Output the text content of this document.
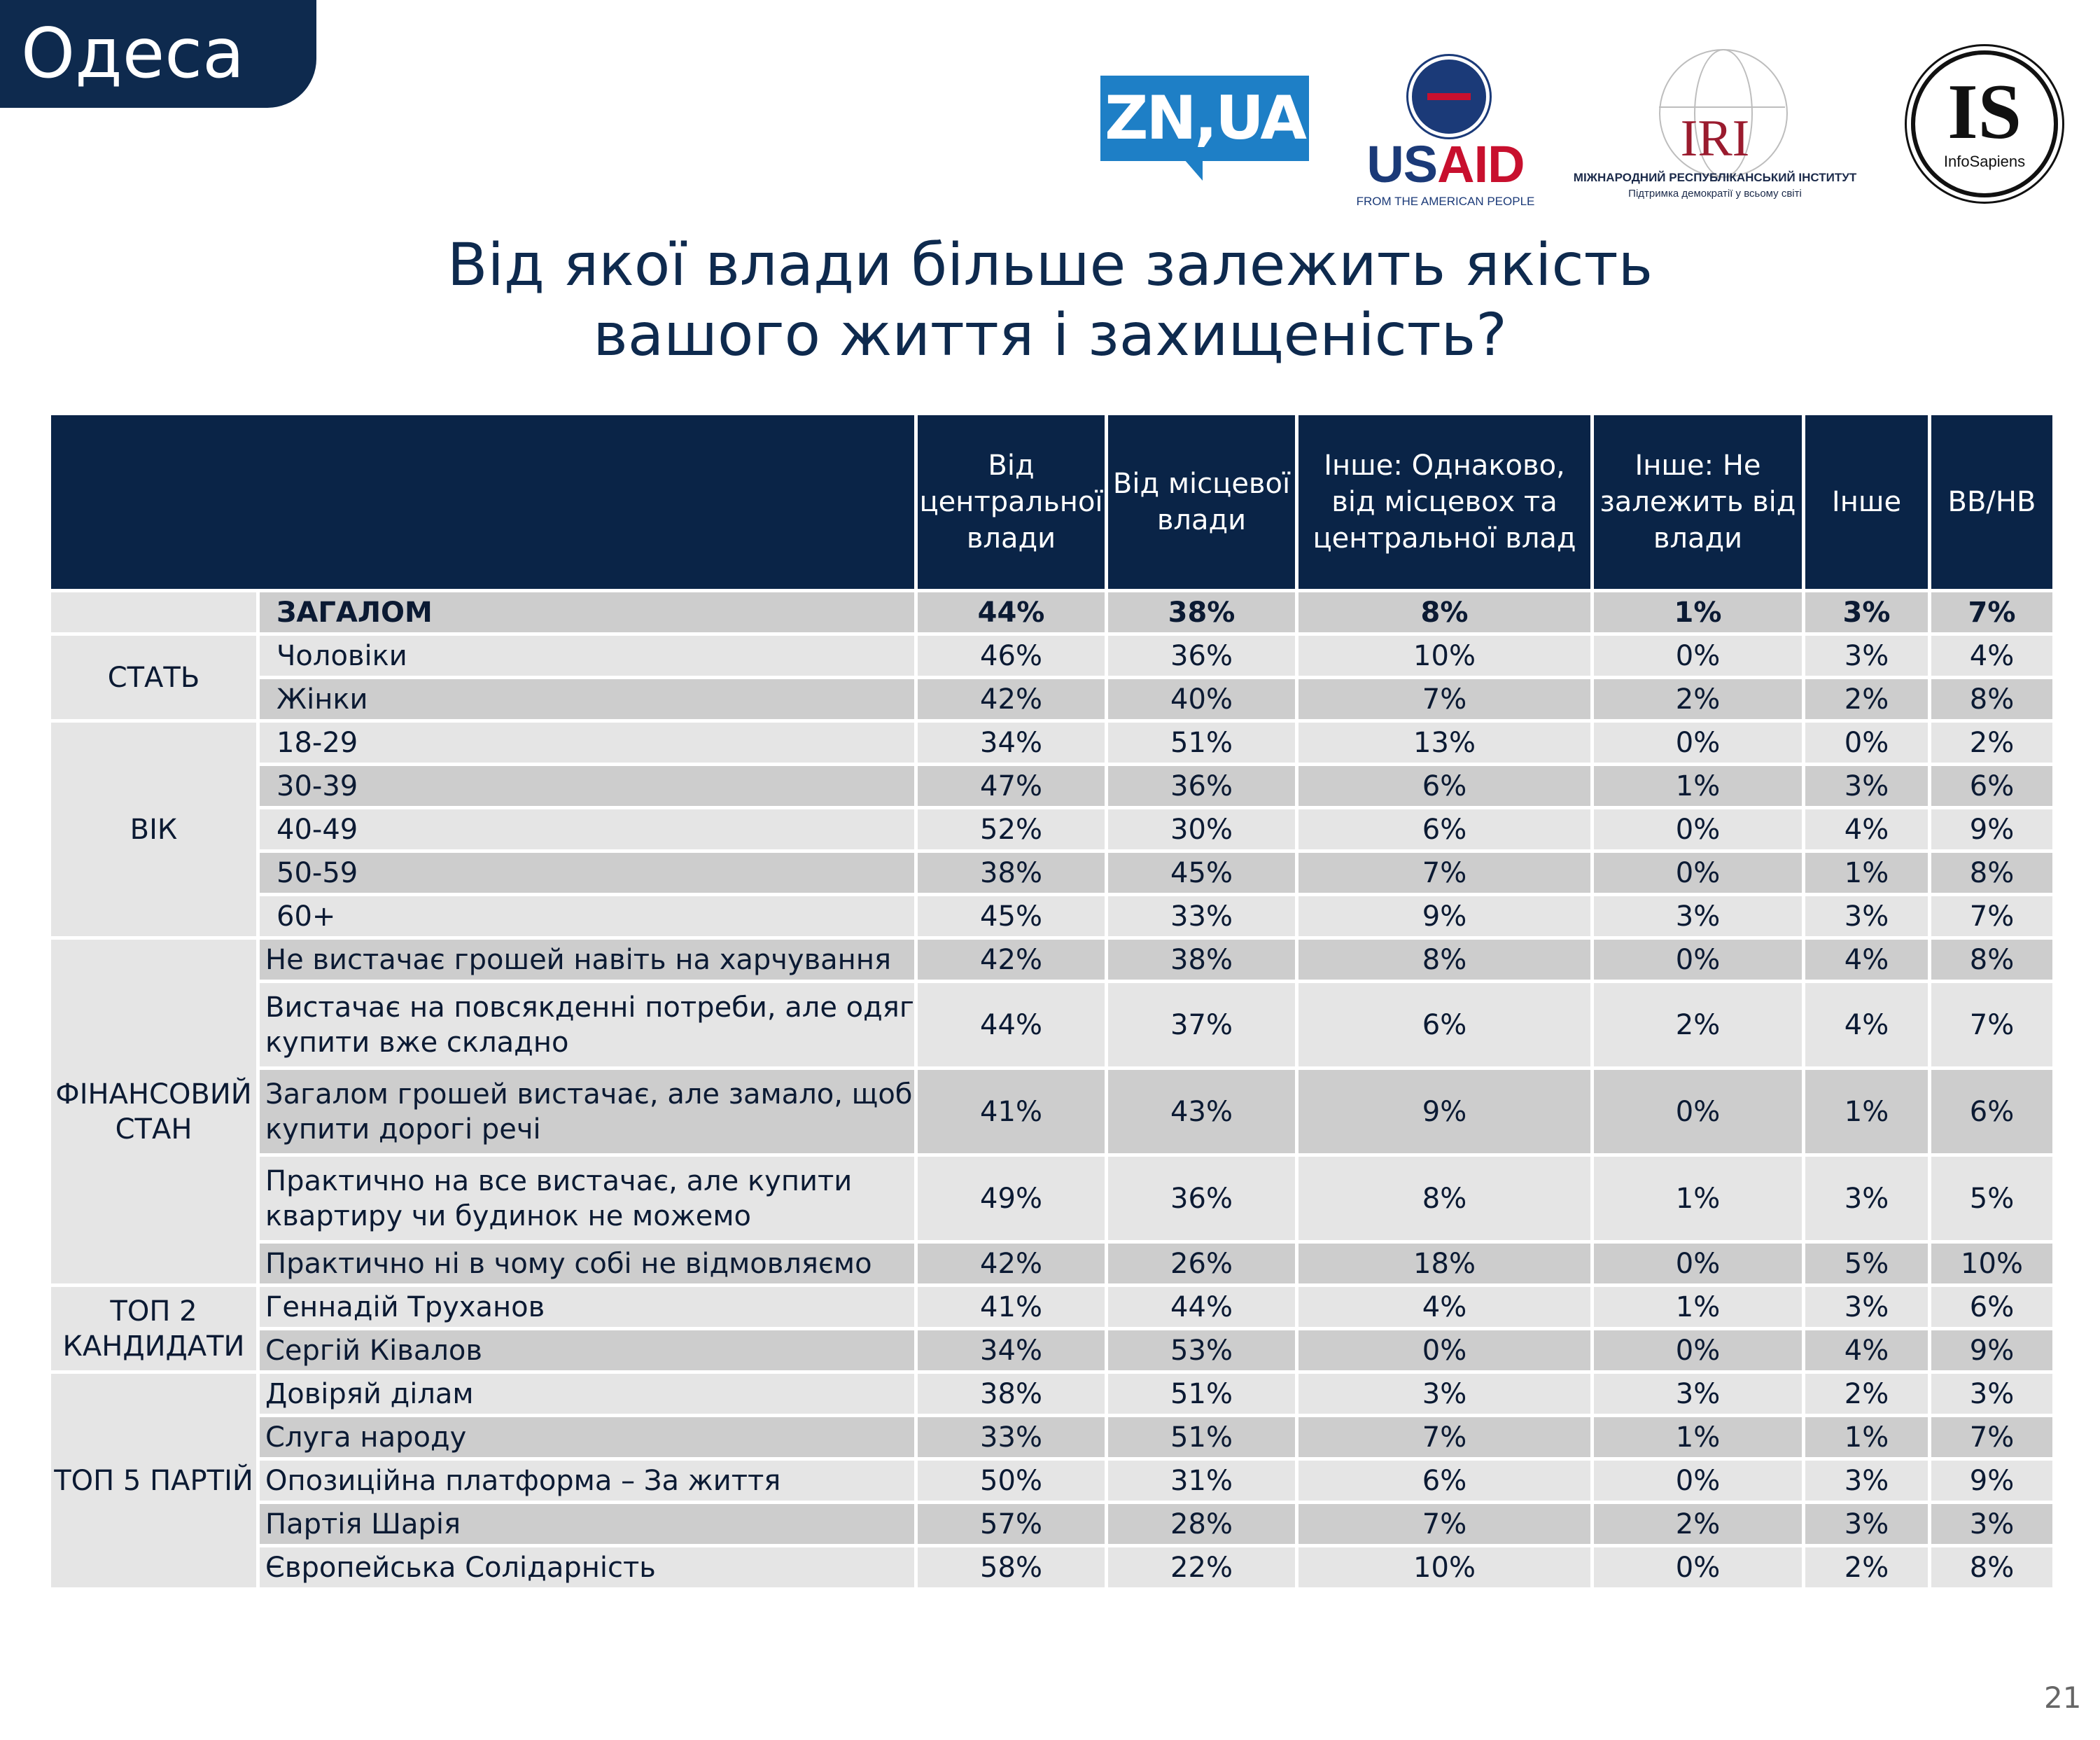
Одеса
ZN,UA
USAID
FROM THE AMERICAN PEOPLE
IRI
МІЖНАРОДНИЙ РЕСПУБЛІКАНСЬКИЙ ІНСТИТУТ
Підтримка демократії у всьому світі
IS
InfoSapiens
Від якої влади більше залежить якість
вашого життя і захищеність?
		Від центральної влади	Від місцевої влади	Інше: Однаково, від місцевох та центральної влад	Інше: Не залежить від влади	Інше	ВВ/НВ
	ЗАГАЛОМ	44%	38%	8%	1%	3%	7%
СТАТЬ	Чоловіки	46%	36%	10%	0%	3%	4%
	Жінки	42%	40%	7%	2%	2%	8%
ВІК	18-29	34%	51%	13%	0%	0%	2%
	30-39	47%	36%	6%	1%	3%	6%
	40-49	52%	30%	6%	0%	4%	9%
	50-59	38%	45%	7%	0%	1%	8%
	60+	45%	33%	9%	3%	3%	7%
ФІНАНСОВИЙ СТАН	Не вистачає грошей навіть на харчування	42%	38%	8%	0%	4%	8%
	Вистачає на повсякденні потреби, але одяг купити вже складно	44%	37%	6%	2%	4%	7%
	Загалом грошей вистачає, але замало, щоб купити дорогі речі	41%	43%	9%	0%	1%	6%
	Практично на все вистачає, але купити квартиру чи будинок не можемо	49%	36%	8%	1%	3%	5%
	Практично ні в чому собі не відмовляємо	42%	26%	18%	0%	5%	10%
ТОП 2 КАНДИДАТИ	Геннадій Труханов	41%	44%	4%	1%	3%	6%
	Сергій Ківалов	34%	53%	0%	0%	4%	9%
ТОП 5 ПАРТІЙ	Довіряй ділам	38%	51%	3%	3%	2%	3%
	Слуга народу	33%	51%	7%	1%	1%	7%
	Опозиційна платформа – За життя	50%	31%	6%	0%	3%	9%
	Партія Шарія	57%	28%	7%	2%	3%	3%
	Європейська Солідарність	58%	22%	10%	0%	2%	8%
21
